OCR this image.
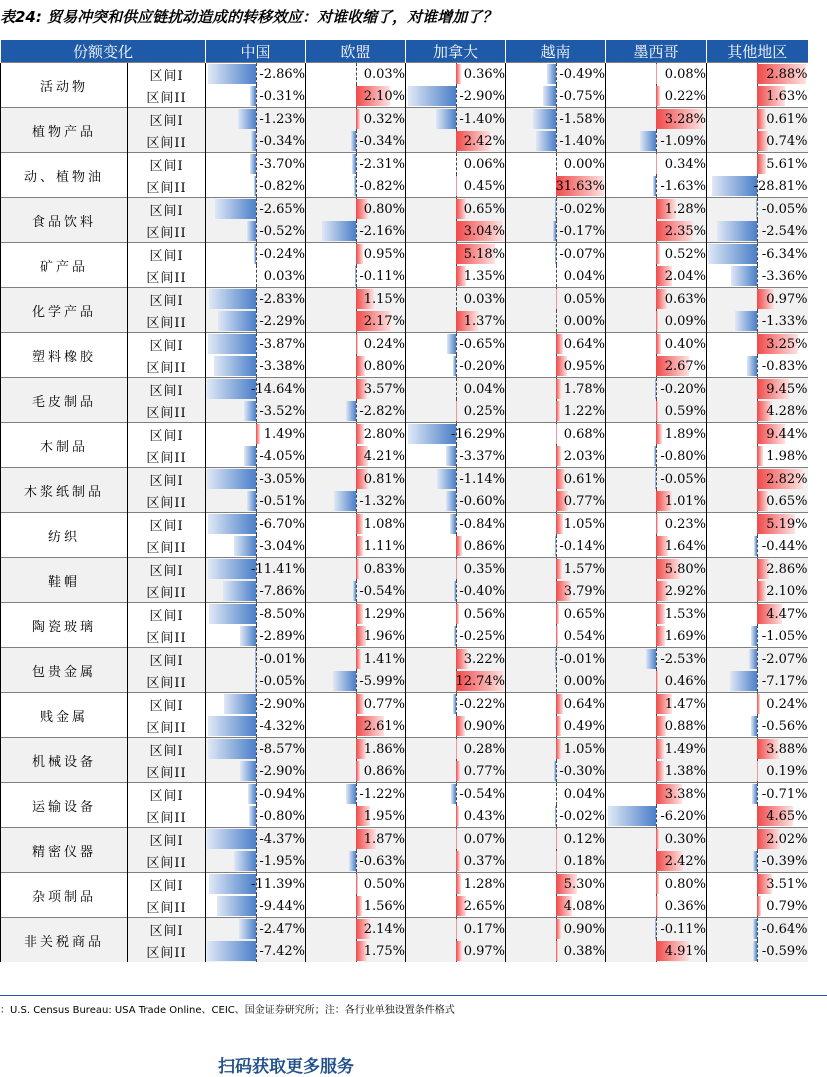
表24: 贸易冲突和供应链扰动造成的转移效应：对谁收缩了，对谁增加了？
份额变化		中国	欧盟	加拿大	越南	墨西哥	其他地区
活动物	区间I	-2.86%	0.03%	0.36%	-0.49%	0.08%	2.88%
	区间II	-0.31%	2.10%	-2.90%	-0.75%	0.22%	1.63%
植物产品	区间I	-1.23%	0.32%	-1.40%	-1.58%	3.28%	0.61%
	区间II	-0.34%	-0.34%	2.42%	-1.40%	-1.09%	0.74%
动、植物油	区间I	-3.70%	-2.31%	0.06%	0.00%	0.34%	5.61%
	区间II	-0.82%	-0.82%	0.45%	31.63%	-1.63%	-28.81%
食品饮料	区间I	-2.65%	0.80%	0.65%	-0.02%	1.28%	-0.05%
	区间II	-0.52%	-2.16%	3.04%	-0.17%	2.35%	-2.54%
矿产品	区间I	-0.24%	0.95%	5.18%	-0.07%	0.52%	-6.34%
	区间II	0.03%	-0.11%	1.35%	0.04%	2.04%	-3.36%
化学产品	区间I	-2.83%	1.15%	0.03%	0.05%	0.63%	0.97%
	区间II	-2.29%	2.17%	1.37%	0.00%	0.09%	-1.33%
塑料橡胶	区间I	-3.87%	0.24%	-0.65%	0.64%	0.40%	3.25%
	区间II	-3.38%	0.80%	-0.20%	0.95%	2.67%	-0.83%
毛皮制品	区间I	-14.64%	3.57%	0.04%	1.78%	-0.20%	9.45%
	区间II	-3.52%	-2.82%	0.25%	1.22%	0.59%	4.28%
木制品	区间I	1.49%	2.80%	-16.29%	0.68%	1.89%	9.44%
	区间II	-4.05%	4.21%	-3.37%	2.03%	-0.80%	1.98%
木浆纸制品	区间I	-3.05%	0.81%	-1.14%	0.61%	-0.05%	2.82%
	区间II	-0.51%	-1.32%	-0.60%	0.77%	1.01%	0.65%
纺织	区间I	-6.70%	1.08%	-0.84%	1.05%	0.23%	5.19%
	区间II	-3.04%	1.11%	0.86%	-0.14%	1.64%	-0.44%
鞋帽	区间I	-11.41%	0.83%	0.35%	1.57%	5.80%	2.86%
	区间II	-7.86%	-0.54%	-0.40%	3.79%	2.92%	2.10%
陶瓷玻璃	区间I	-8.50%	1.29%	0.56%	0.65%	1.53%	4.47%
	区间II	-2.89%	1.96%	-0.25%	0.54%	1.69%	-1.05%
包贵金属	区间I	-0.01%	1.41%	3.22%	-0.01%	-2.53%	-2.07%
	区间II	-0.05%	-5.99%	12.74%	0.00%	0.46%	-7.17%
贱金属	区间I	-2.90%	0.77%	-0.22%	0.64%	1.47%	0.24%
	区间II	-4.32%	2.61%	0.90%	0.49%	0.88%	-0.56%
机械设备	区间I	-8.57%	1.86%	0.28%	1.05%	1.49%	3.88%
	区间II	-2.90%	0.86%	0.77%	-0.30%	1.38%	0.19%
运输设备	区间I	-0.94%	-1.22%	-0.54%	0.04%	3.38%	-0.71%
	区间II	-0.80%	1.95%	0.43%	-0.02%	-6.20%	4.65%
精密仪器	区间I	-4.37%	1.87%	0.07%	0.12%	0.30%	2.02%
	区间II	-1.95%	-0.63%	0.37%	0.18%	2.42%	-0.39%
杂项制品	区间I	-11.39%	0.50%	1.28%	5.30%	0.80%	3.51%
	区间II	-9.44%	1.56%	2.65%	4.08%	0.36%	0.79%
非关税商品	区间I	-2.47%	2.14%	0.17%	0.90%	-0.11%	-0.64%
	区间II	-7.42%	1.75%	0.97%	0.38%	4.91%	-0.59%
：U.S. Census Bureau: USA Trade Online、CEIC、国金证券研究所；注：各行业单独设置条件格式
扫码获取更多服务
